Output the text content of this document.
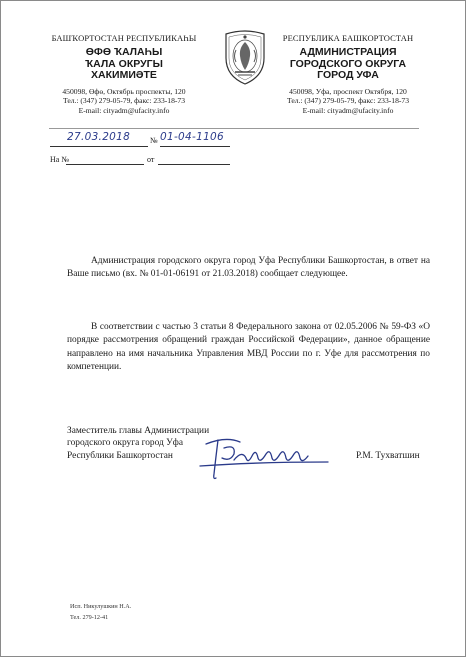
БАШҠОРТОСТАН РЕСПУБЛИКАҺЫ
ӨФӨ ҠАЛАҺЫ
ҠАЛА ОКРУГЫ
ХАКИМИӘТЕ
450098, Өфө, Октябрь проспекты, 120
Тел.: (347) 279-05-79, факс: 233-18-73
E-mail: cityadm@ufacity.info
РЕСПУБЛИКА БАШКОРТОСТАН
АДМИНИСТРАЦИЯ
ГОРОДСКОГО ОКРУГА
ГОРОД УФА
450098, Уфа, проспект Октября, 120
Тел.: (347) 279-05-79, факс: 233-18-73
E-mail: cityadm@ufacity.info
27.03.2018 № 01-04-1106
На №	от
Администрация городского округа город Уфа Республики Башкортостан, в ответ на Ваше письмо (вх. № 01-01-06191 от 21.03.2018) сообщает следующее.
В соответствии с частью 3 статьи 8 Федерального закона от 02.05.2006 № 59-ФЗ «О порядке рассмотрения обращений граждан Российской Федерации», данное обращение направлено на имя начальника Управления МВД России по г. Уфе для рассмотрения по компетенции.
Заместитель главы Администрации
городского округа город Уфа
Республики Башкортостан	Р.М. Тухватшин
Исп. Никулушкин Н.А.
Тел. 279-12-41
